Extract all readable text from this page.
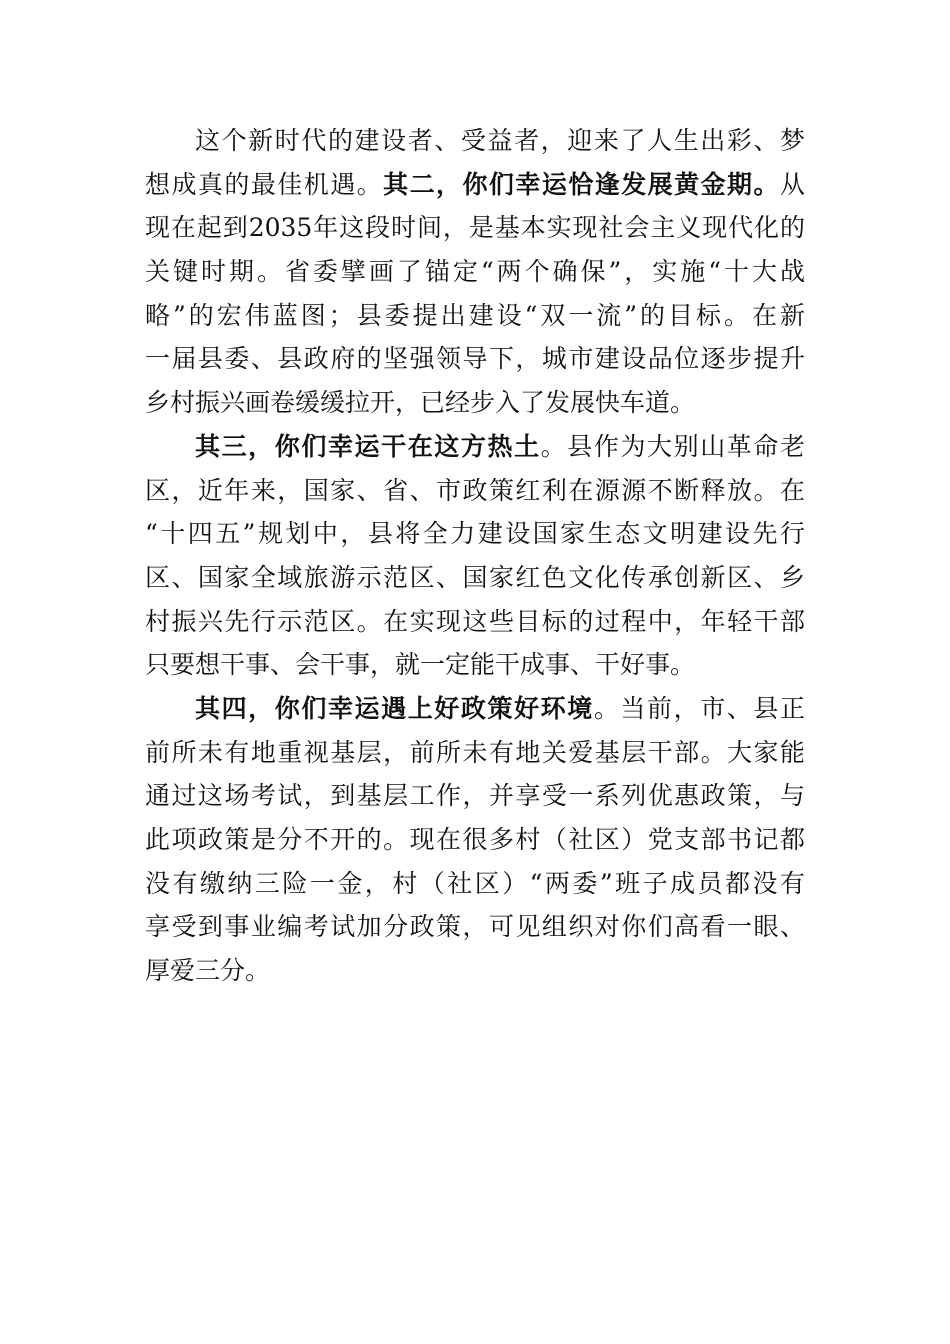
这个新时代的建设者、受益者，迎来了人生出彩、梦
想成真的最佳机遇。其二，你们幸运恰逢发展黄金期。从
现在起到2035年这段时间，是基本实现社会主义现代化的
关键时期。省委擘画了锚定“两个确保”，实施“十大战
略”的宏伟蓝图；县委提出建设“双一流”的目标。在新
一届县委、县政府的坚强领导下，城市建设品位逐步提升
乡村振兴画卷缓缓拉开，已经步入了发展快车道。
其三，你们幸运干在这方热土。县作为大别山革命老
区，近年来，国家、省、市政策红利在源源不断释放。在
“十四五”规划中，县将全力建设国家生态文明建设先行
区、国家全域旅游示范区、国家红色文化传承创新区、乡
村振兴先行示范区。在实现这些目标的过程中，年轻干部
只要想干事、会干事，就一定能干成事、干好事。
其四，你们幸运遇上好政策好环境。当前，市、县正
前所未有地重视基层，前所未有地关爱基层干部。大家能
通过这场考试，到基层工作，并享受一系列优惠政策，与
此项政策是分不开的。现在很多村（社区）党支部书记都
没有缴纳三险一金，村（社区）“两委”班子成员都没有
享受到事业编考试加分政策，可见组织对你们高看一眼、
厚爱三分。
